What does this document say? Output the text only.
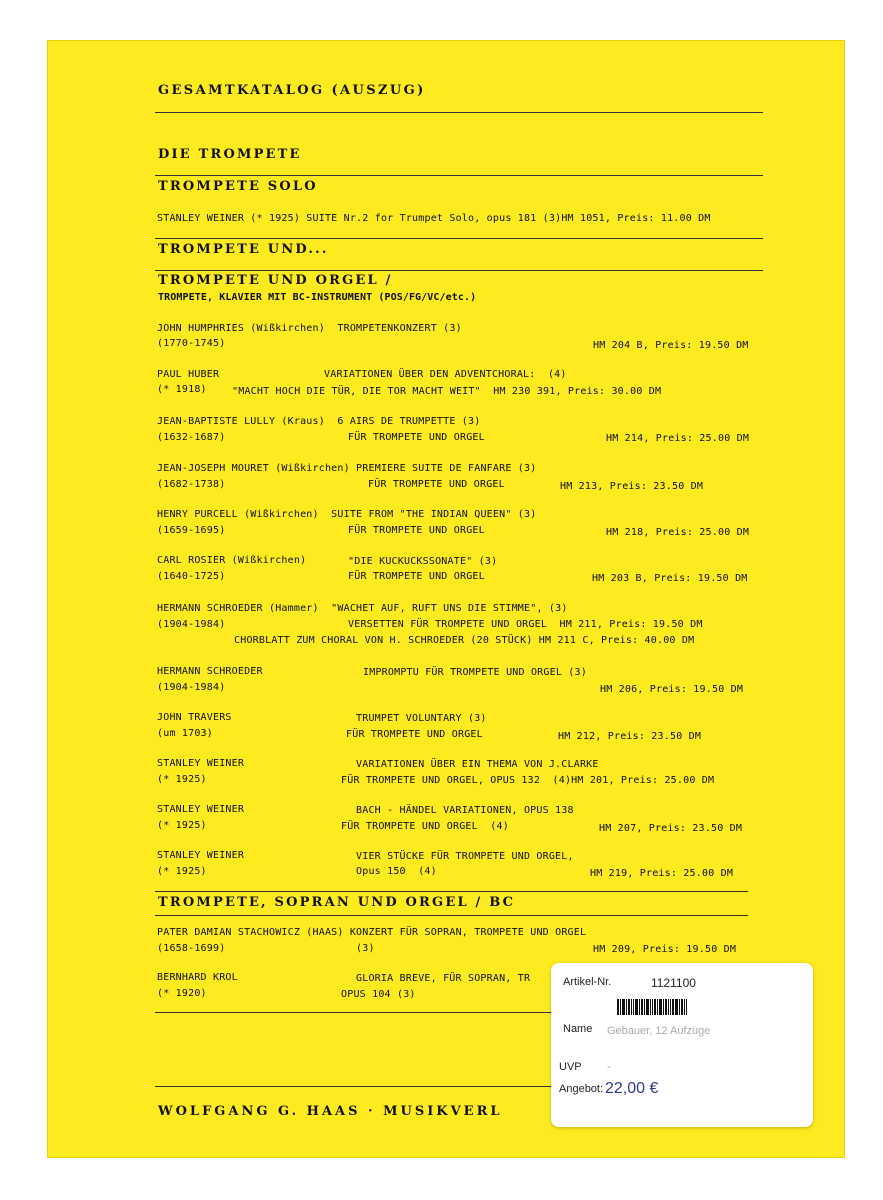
GESAMTKATALOG (AUSZUG)
DIE TROMPETE
TROMPETE SOLO
STANLEY WEINER (* 1925) SUITE Nr.2 for Trumpet Solo, opus 181 (3)HM 1051, Preis: 11.00 DM
TROMPETE UND...
TROMPETE UND ORGEL /
TROMPETE, KLAVIER MIT BC-INSTRUMENT (POS/FG/VC/etc.)
JOHN HUMPHRIES (Wißkirchen)  TROMPETENKONZERT (3)
(1770-1745)	HM 204 B, Preis: 19.50 DM
PAUL HUBER	VARIATIONEN ÜBER DEN ADVENTCHORAL:  (4)
(* 1918)	"MACHT HOCH DIE TÜR, DIE TOR MACHT WEIT"  HM 230 391, Preis: 30.00 DM
JEAN-BAPTISTE LULLY (Kraus)  6 AIRS DE TRUMPETTE (3)
(1632-1687)	FÜR TROMPETE UND ORGEL	HM 214, Preis: 25.00 DM
JEAN-JOSEPH MOURET (Wißkirchen) PREMIERE SUITE DE FANFARE (3)
(1682-1738)	FÜR TROMPETE UND ORGEL	HM 213, Preis: 23.50 DM
HENRY PURCELL (Wißkirchen)  SUITE FROM "THE INDIAN QUEEN" (3)
(1659-1695)	FÜR TROMPETE UND ORGEL	HM 218, Preis: 25.00 DM
CARL ROSIER (Wißkirchen)	"DIE KUCKUCKSSONATE" (3)
(1640-1725)	FÜR TROMPETE UND ORGEL	HM 203 B, Preis: 19.50 DM
HERMANN SCHROEDER (Hammer)  "WACHET AUF, RUFT UNS DIE STIMME", (3)
(1904-1984)	VERSETTEN FÜR TROMPETE UND ORGEL  HM 211, Preis: 19.50 DM
CHORBLATT ZUM CHORAL VON H. SCHROEDER (20 STÜCK) HM 211 C, Preis: 40.00 DM
HERMANN SCHROEDER	IMPROMPTU FÜR TROMPETE UND ORGEL (3)
(1904-1984)	HM 206, Preis: 19.50 DM
JOHN TRAVERS	TRUMPET VOLUNTARY (3)
(um 1703)	FÜR TROMPETE UND ORGEL	HM 212, Preis: 23.50 DM
STANLEY WEINER	VARIATIONEN ÜBER EIN THEMA VON J.CLARKE
(* 1925)	FÜR TROMPETE UND ORGEL, OPUS 132  (4)HM 201, Preis: 25.00 DM
STANLEY WEINER	BACH - HÄNDEL VARIATIONEN, OPUS 138
(* 1925)	FÜR TROMPETE UND ORGEL  (4)	HM 207, Preis: 23.50 DM
STANLEY WEINER	VIER STÜCKE FÜR TROMPETE UND ORGEL,
(* 1925)	Opus 150  (4)	HM 219, Preis: 25.00 DM
TROMPETE, SOPRAN UND ORGEL / BC
PATER DAMIAN STACHOWICZ (HAAS) KONZERT FÜR SOPRAN, TROMPETE UND ORGEL
(1658-1699)	(3)	HM 209, Preis: 19.50 DM
BERNHARD KROL	GLORIA BREVE, FÜR SOPRAN, TR
(* 1920)	OPUS 104 (3)
WOLFGANG G. HAAS · MUSIKVERL
Artikel-Nr.	1121100
Name Gebauer, 12 Aufzüge
UVP -
Angebot: 22,00 €
